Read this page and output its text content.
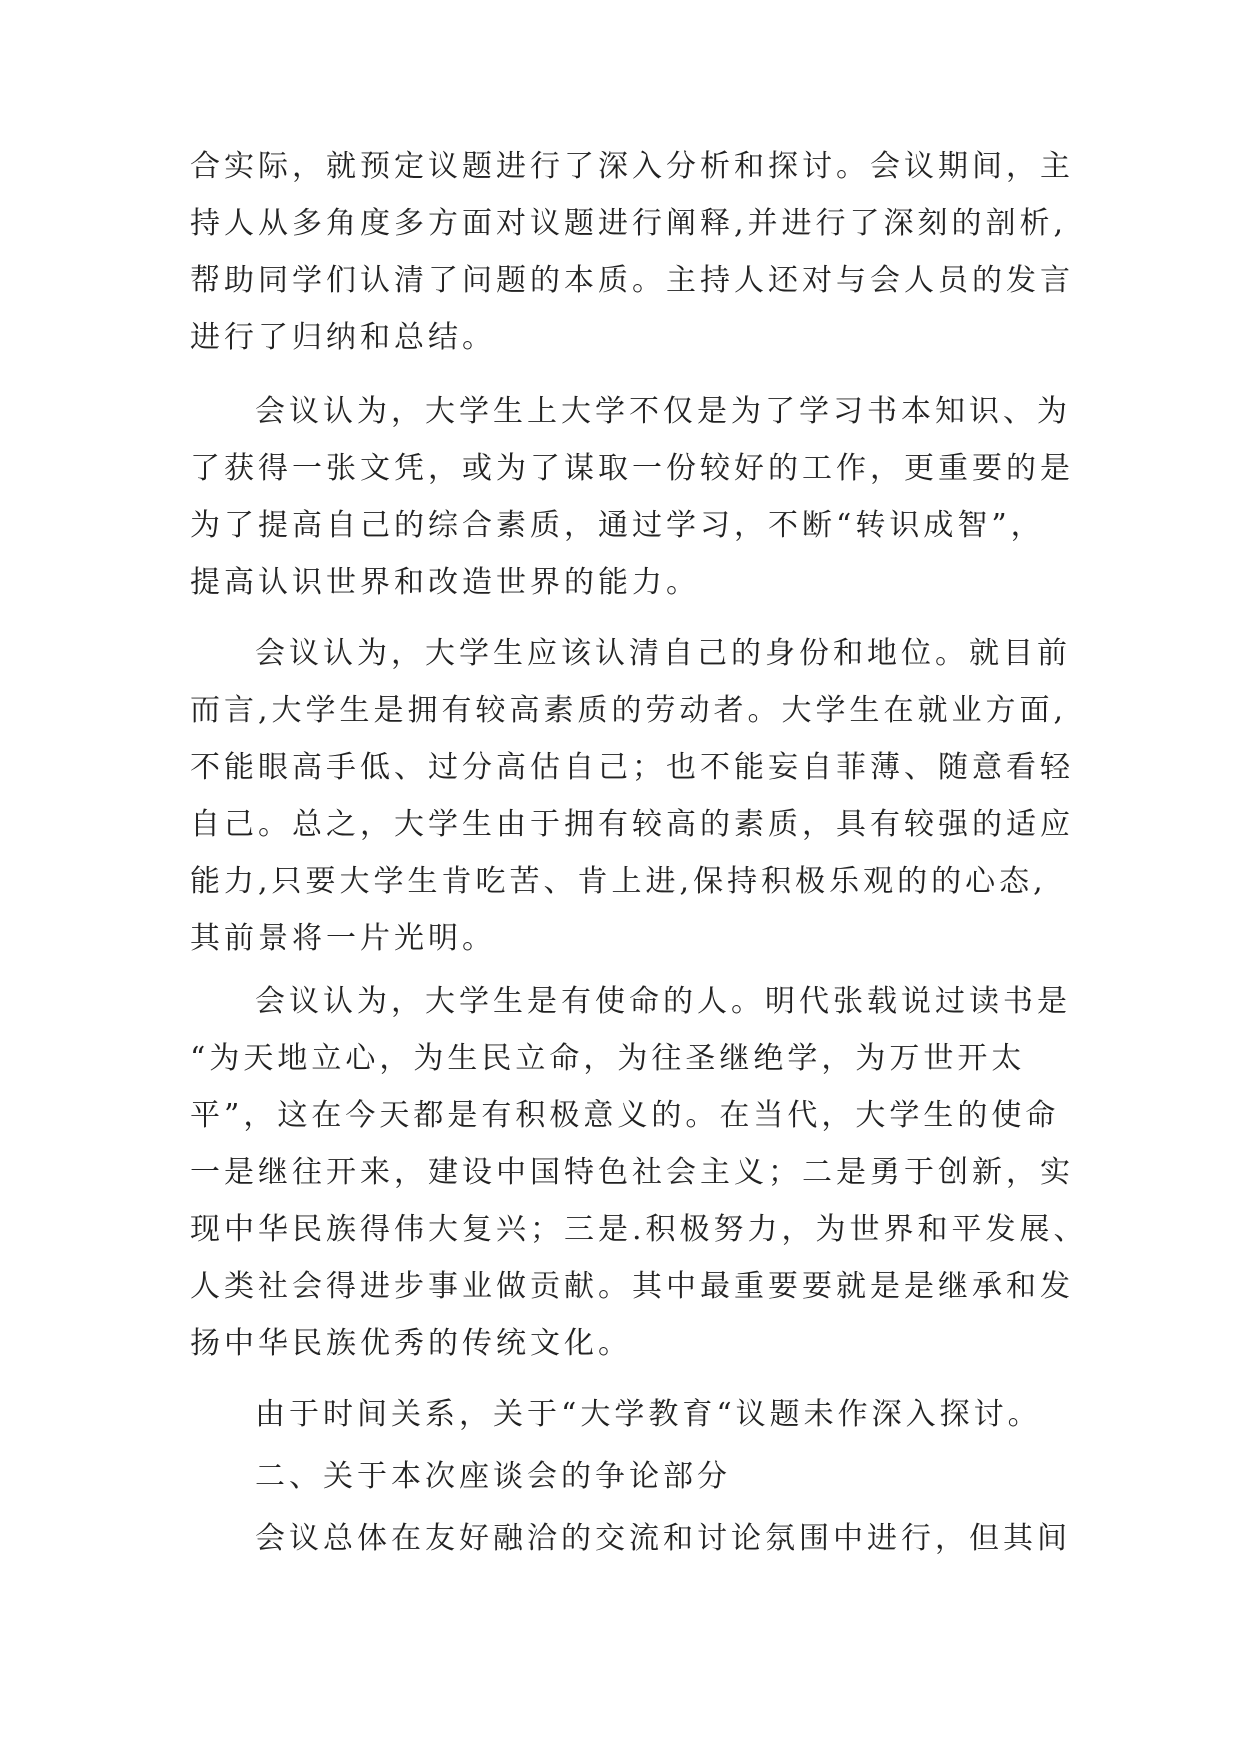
合实际，就预定议题进行了深入分析和探讨。会议期间，主
持人从多角度多方面对议题进行阐释,并进行了深刻的剖析,
帮助同学们认清了问题的本质。主持人还对与会人员的发言
进行了归纳和总结。
会议认为，大学生上大学不仅是为了学习书本知识、为
了获得一张文凭，或为了谋取一份较好的工作，更重要的是
为了提高自己的综合素质，通过学习，不断“转识成智”，
提高认识世界和改造世界的能力。
会议认为，大学生应该认清自己的身份和地位。就目前
而言,大学生是拥有较高素质的劳动者。大学生在就业方面,
不能眼高手低、过分高估自己；也不能妄自菲薄、随意看轻
自己。总之，大学生由于拥有较高的素质，具有较强的适应
能力,只要大学生肯吃苦、肯上进,保持积极乐观的的心态,
其前景将一片光明。
会议认为，大学生是有使命的人。明代张载说过读书是
“为天地立心，为生民立命，为往圣继绝学，为万世开太
平”，这在今天都是有积极意义的。在当代，大学生的使命
一是继往开来，建设中国特色社会主义；二是勇于创新，实
现中华民族得伟大复兴；三是.积极努力，为世界和平发展、
人类社会得进步事业做贡献。其中最重要要就是是继承和发
扬中华民族优秀的传统文化。
由于时间关系，关于“大学教育“议题未作深入探讨。
二、关于本次座谈会的争论部分
会议总体在友好融洽的交流和讨论氛围中进行，但其间
